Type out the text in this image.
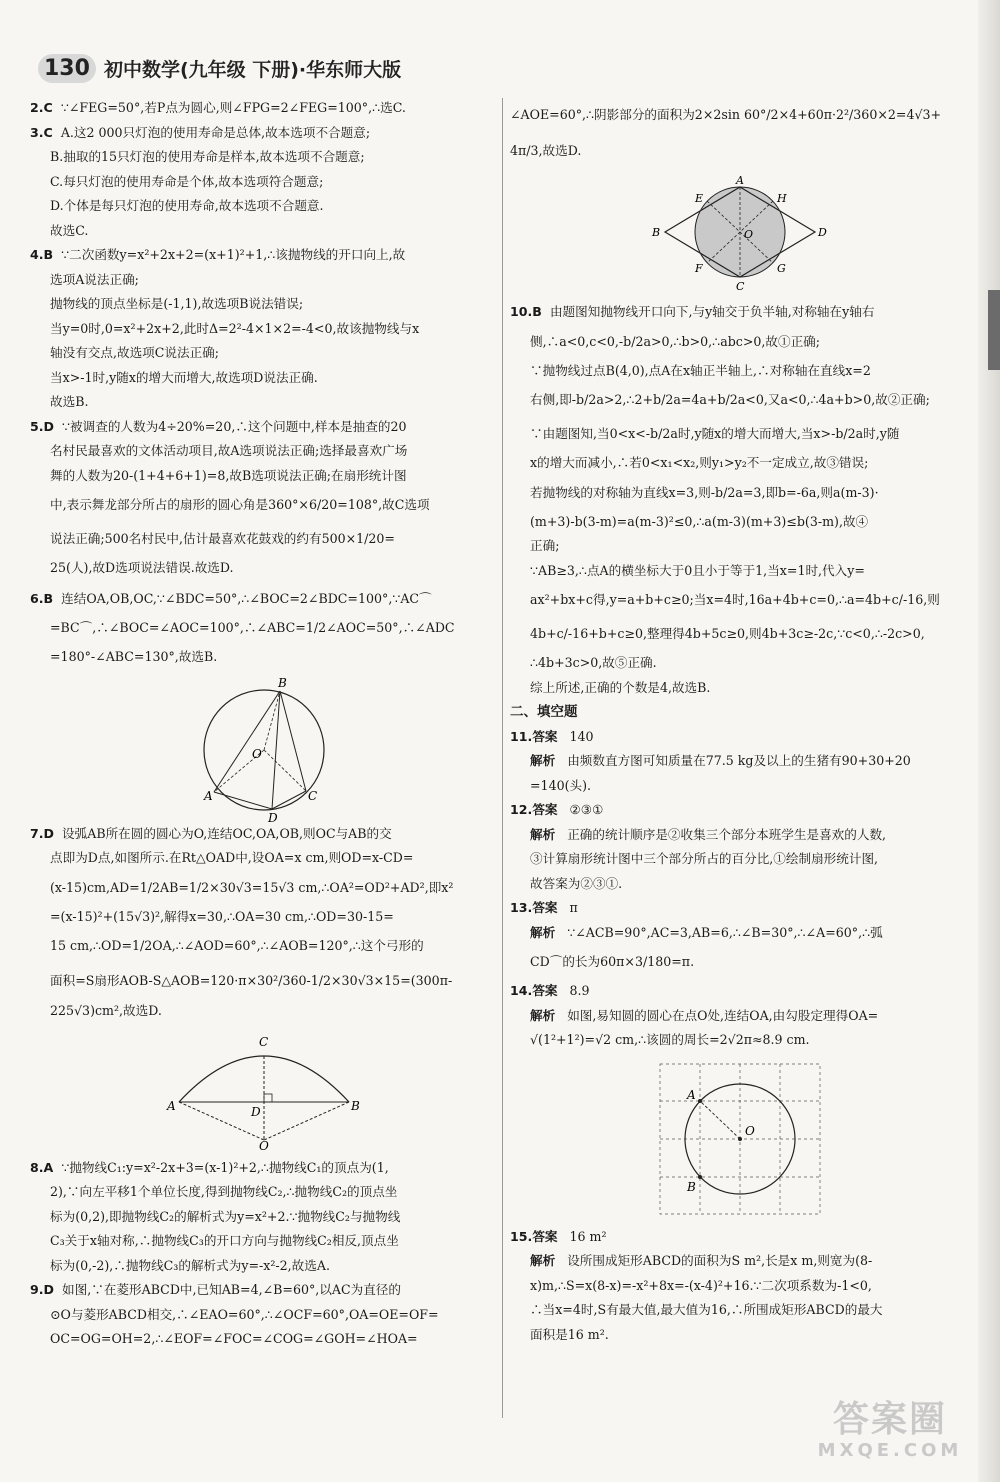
130 初中数学(九年级 下册)·华东师大版

2.C ∵∠FEG=50°,若P点为圆心,则∠FPG=2∠FEG=100°,∴选C.

3.C A.这2 000只灯泡的使用寿命是总体,故本选项不合题意;

B.抽取的15只灯泡的使用寿命是样本,故本选项不合题意;

C.每只灯泡的使用寿命是个体,故本选项符合题意;

D.个体是每只灯泡的使用寿命,故本选项不合题意.

故选C.

4.B ∵二次函数y=x²+2x+2=(x+1)²+1,∴该抛物线的开口向上,故

选项A说法正确;

抛物线的顶点坐标是(-1,1),故选项B说法错误;

当y=0时,0=x²+2x+2,此时Δ=2²-4×1×2=-4<0,故该抛物线与x

轴没有交点,故选项C说法正确;

当x>-1时,y随x的增大而增大,故选项D说法正确.

故选B.

5.D ∵被调查的人数为4÷20%=20,∴这个问题中,样本是抽查的20

名村民最喜欢的文体活动项目,故A选项说法正确;选择最喜欢广场

舞的人数为20-(1+4+6+1)=8,故B选项说法正确;在扇形统计图

中,表示舞龙部分所占的扇形的圆心角是360°×6/20=108°,故C选项

说法正确;500名村民中,估计最喜欢花鼓戏的约有500×1/20=

25(人),故D选项说法错误.故选D.

6.B 连结OA,OB,OC,∵∠BDC=50°,∴∠BOC=2∠BDC=100°,∵AC⌒

=BC⌒,∴∠BOC=∠AOC=100°,∴∠ABC=1/2∠AOC=50°,∴∠ADC

=180°-∠ABC=130°,故选B.

B
O
A	C
D

7.D 设弧AB所在圆的圆心为O,连结OC,OA,OB,则OC与AB的交

点即为D点,如图所示.在Rt△OAD中,设OA=x cm,则OD=x-CD=

(x-15)cm,AD=1/2AB=1/2×30√3=15√3 cm,∴OA²=OD²+AD²,即x²

=(x-15)²+(15√3)²,解得x=30,∴OA=30 cm,∴OD=30-15=

15 cm,∴OD=1/2OA,∴∠AOD=60°,∴∠AOB=120°,∴这个弓形的

面积=S扇形AOB-S△AOB=120·π×30²/360-1/2×30√3×15=(300π-

225√3)cm²,故选D.

C
A	D	B
O

8.A ∵抛物线C₁:y=x²-2x+3=(x-1)²+2,∴抛物线C₁的顶点为(1,

2),∵向左平移1个单位长度,得到抛物线C₂,∴抛物线C₂的顶点坐

标为(0,2),即抛物线C₂的解析式为y=x²+2.∵抛物线C₂与抛物线

C₃关于x轴对称,∴抛物线C₃的开口方向与抛物线C₂相反,顶点坐

标为(0,-2),∴抛物线C₃的解析式为y=-x²-2,故选A.

9.D 如图,∵在菱形ABCD中,已知AB=4,∠B=60°,以AC为直径的

⊙O与菱形ABCD相交,∴∠EAO=60°,∴∠OCF=60°,OA=OE=OF=

OC=OG=OH=2,∴∠EOF=∠FOC=∠COG=∠GOH=∠HOA=

∠AOE=60°,∴阴影部分的面积为2×2sin 60°/2×4+60π·2²/360×2=4√3+

4π/3,故选D.

A
E	H
B	O	D
F	G
C

10.B 由题图知抛物线开口向下,与y轴交于负半轴,对称轴在y轴右

侧,∴a<0,c<0,-b/2a>0,∴b>0,∴abc>0,故①正确;

∵抛物线过点B(4,0),点A在x轴正半轴上,∴对称轴在直线x=2

右侧,即-b/2a>2,∴2+b/2a=4a+b/2a<0,又a<0,∴4a+b>0,故②正确;

∵由题图知,当0<x<-b/2a时,y随x的增大而增大,当x>-b/2a时,y随

x的增大而减小,∴若0<x₁<x₂,则y₁>y₂不一定成立,故③错误;

若抛物线的对称轴为直线x=3,则-b/2a=3,即b=-6a,则a(m-3)·

(m+3)-b(3-m)=a(m-3)²≤0,∴a(m-3)(m+3)≤b(3-m),故④

正确;

∵AB≥3,∴点A的横坐标大于0且小于等于1,当x=1时,代入y=

ax²+bx+c得,y=a+b+c≥0;当x=4时,16a+4b+c=0,∴a=4b+c/-16,则

4b+c/-16+b+c≥0,整理得4b+5c≥0,则4b+3c≥-2c,∵c<0,∴-2c>0,

∴4b+3c>0,故⑤正确.

综上所述,正确的个数是4,故选B.

二、填空题

11.答案 140

解析 由频数直方图可知质量在77.5 kg及以上的生猪有90+30+20

=140(头).

12.答案 ②③①

解析 正确的统计顺序是②收集三个部分本班学生是喜欢的人数,

③计算扇形统计图中三个部分所占的百分比,①绘制扇形统计图,

故答案为②③①.

13.答案 π

解析 ∵∠ACB=90°,AC=3,AB=6,∴∠B=30°,∴∠A=60°,∴弧

CD⌒的长为60π×3/180=π.

14.答案 8.9

解析 如图,易知圆的圆心在点O处,连结OA,由勾股定理得OA=

√(1²+1²)=√2 cm,∴该圆的周长=2√2π≈8.9 cm.

A
O
B

15.答案 16 m²

解析 设所围成矩形ABCD的面积为S m²,长是x m,则宽为(8-

x)m,∴S=x(8-x)=-x²+8x=-(x-4)²+16.∵二次项系数为-1<0,

∴当x=4时,S有最大值,最大值为16,∴所围成矩形ABCD的最大

面积是16 m².

答案圈
MXQE.COM
